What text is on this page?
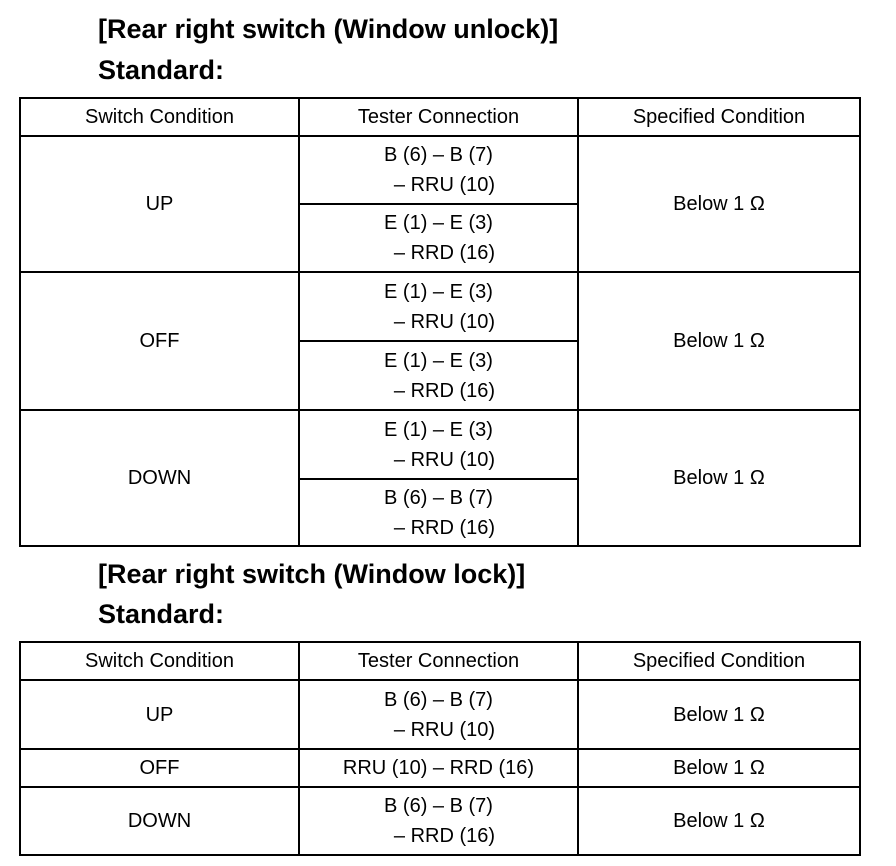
[Rear right switch (Window unlock)]
Standard:
Switch Condition	Tester Connection	Specified Condition
UP	B (6) – B (7)
– RRU (10)	Below 1 Ω

	E (1) – E (3)
– RRD (16)	

OFF	E (1) – E (3)
– RRU (10)	Below 1 Ω

	E (1) – E (3)
– RRD (16)	

DOWN	E (1) – E (3)
– RRU (10)	Below 1 Ω

	B (6) – B (7)
– RRD (16)	
[Rear right switch (Window lock)]
Standard:
Switch Condition	Tester Connection	Specified Condition
UP	B (6) – B (7)
– RRU (10)	Below 1 Ω
OFF	RRU (10) – RRD (16)	Below 1 Ω
DOWN	B (6) – B (7)
– RRD (16)	Below 1 Ω
